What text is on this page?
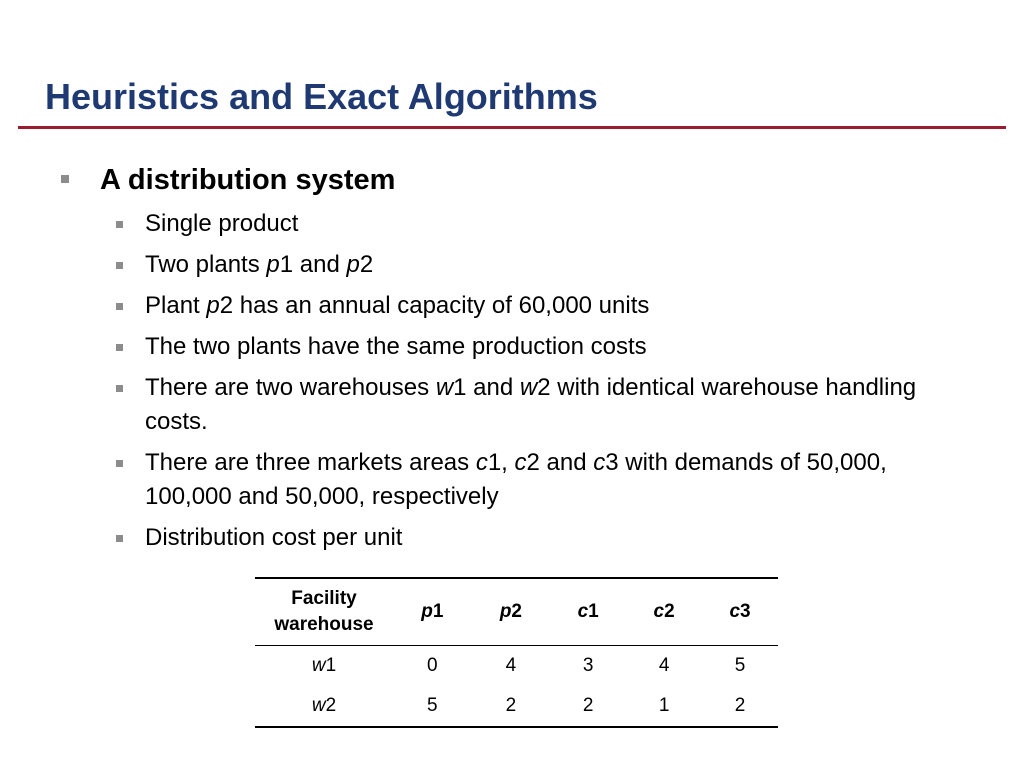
Heuristics and Exact Algorithms
A distribution system
Single product
Two plants p1 and p2
Plant p2 has an annual capacity of 60,000 units
The two plants have the same production costs
There are two warehouses w1 and w2 with identical warehouse handling costs.
There are three markets areas c1, c2 and c3 with demands of 50,000, 100,000 and 50,000, respectively
Distribution cost per unit
Facility
warehouse	p1	p2	c1	c2	c3
w1	0	4	3	4	5
w2	5	2	2	1	2
